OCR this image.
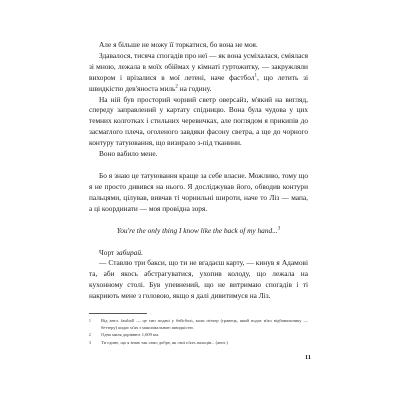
Але я більше не можу її торкатися, бо вона не моя.

Здавалося, тисяча спогадів про неї — як вона усміхалася, сміялася зі мною, лежала в моїх обіймах у кімнаті гуртожитку, — закружляли вихором і врізалися в мої летені, наче фастбол$^1$, що летить зі швидкістю дев'яноста миль$^2$ на годину.

На ній був просторий чорний светр оверсайз, м'який на вигляд, спереду заправлений у картату спідницю. Вона була чудова у цих темних колготках і стильних черевичках, але поглядом я прикипів до засмаглого плеча, оголеного завдяки фасону светра, а ще до чорного контуру татуювання, що визирало з-під тканини.

Воно вабило мене.

Бо я знаю це татуювання краще за себе власне. Можливо, тому що я не просто дивився на нього. Я досліджував його, обводив контури пальцями, цілував, вивчав ті чорнильні широти, наче то Ліз — мапа, а ці координати — моя провідна зоря.

You're the only thing I know like the back of my hand...$^3$

Чорт забирай.

— Ставлю три бакси, що ти не вгадаєш карту, — кинув я Адамові та, аби якось абстрагуватися, ухопив колоду, що лежала на кухонному столі. Був упевнений, що не витримаю спогадів і ті накриють мене з головою, якщо я далі дивитимуся на Ліз.

1	Від англ. fastball — це тип подачі у бейсболі, коли пітчер (гравець, який подає м'яч відбивальнику — беттеру) кидає м'яч з максимальною швидкістю.
2	Одна миля дорівнює 1,609 км.
3	Ти єдине, що я знаю так само добре, як свої п'ять пальців... (англ.)
11
